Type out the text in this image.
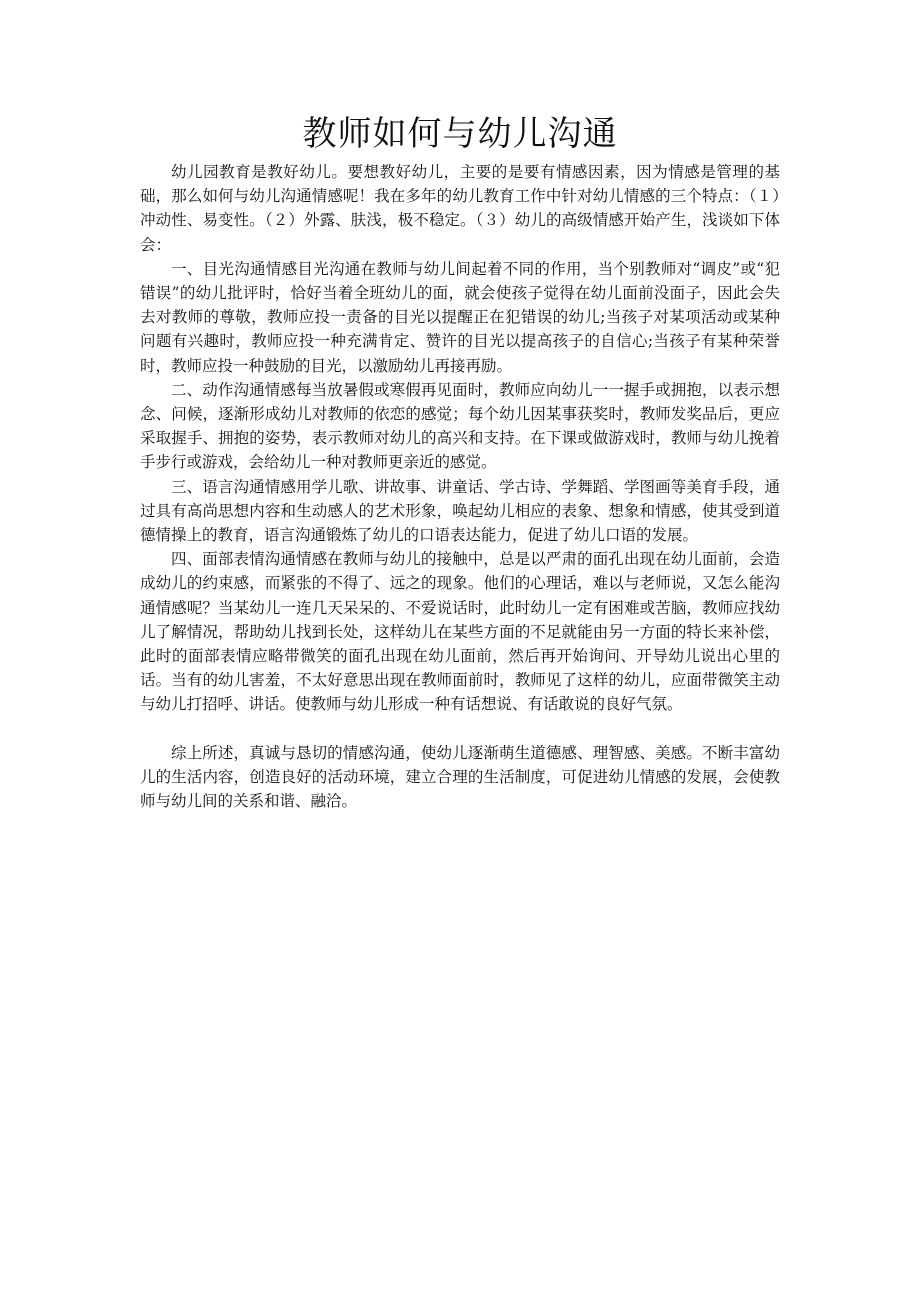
教师如何与幼儿沟通

幼儿园教育是教好幼儿。要想教好幼儿，主要的是要有情感因素，因为情感是管理的基础，那么如何与幼儿沟通情感呢！我在多年的幼儿教育工作中针对幼儿情感的三个特点：（１）冲动性、易变性。（２）外露、肤浅，极不稳定。（３）幼儿的高级情感开始产生，浅谈如下体会：

一、目光沟通情感目光沟通在教师与幼儿间起着不同的作用，当个别教师对“调皮”或“犯错误”的幼儿批评时，恰好当着全班幼儿的面，就会使孩子觉得在幼儿面前没面子，因此会失去对教师的尊敬，教师应投一责备的目光以提醒正在犯错误的幼儿;当孩子对某项活动或某种问题有兴趣时，教师应投一种充满肯定、赞许的目光以提高孩子的自信心;当孩子有某种荣誉时，教师应投一种鼓励的目光，以激励幼儿再接再励。

二、动作沟通情感每当放暑假或寒假再见面时，教师应向幼儿一一握手或拥抱，以表示想念、问候，逐渐形成幼儿对教师的依恋的感觉；每个幼儿因某事获奖时，教师发奖品后，更应采取握手、拥抱的姿势，表示教师对幼儿的高兴和支持。在下课或做游戏时，教师与幼儿挽着手步行或游戏，会给幼儿一种对教师更亲近的感觉。

三、语言沟通情感用学儿歌、讲故事、讲童话、学古诗、学舞蹈、学图画等美育手段，通过具有高尚思想内容和生动感人的艺术形象，唤起幼儿相应的表象、想象和情感，使其受到道德情操上的教育，语言沟通锻炼了幼儿的口语表达能力，促进了幼儿口语的发展。

四、面部表情沟通情感在教师与幼儿的接触中，总是以严肃的面孔出现在幼儿面前，会造成幼儿的约束感，而紧张的不得了、远之的现象。他们的心理话，难以与老师说，又怎么能沟通情感呢？当某幼儿一连几天呆呆的、不爱说话时，此时幼儿一定有困难或苦脑，教师应找幼儿了解情况，帮助幼儿找到长处，这样幼儿在某些方面的不足就能由另一方面的特长来补偿，此时的面部表情应略带微笑的面孔出现在幼儿面前，然后再开始询问、开导幼儿说出心里的话。当有的幼儿害羞，不太好意思出现在教师面前时，教师见了这样的幼儿，应面带微笑主动与幼儿打招呼、讲话。使教师与幼儿形成一种有话想说、有话敢说的良好气氛。

综上所述，真诚与恳切的情感沟通，使幼儿逐渐萌生道德感、理智感、美感。不断丰富幼儿的生活内容，创造良好的活动环境，建立合理的生活制度，可促进幼儿情感的发展，会使教师与幼儿间的关系和谐、融洽。
